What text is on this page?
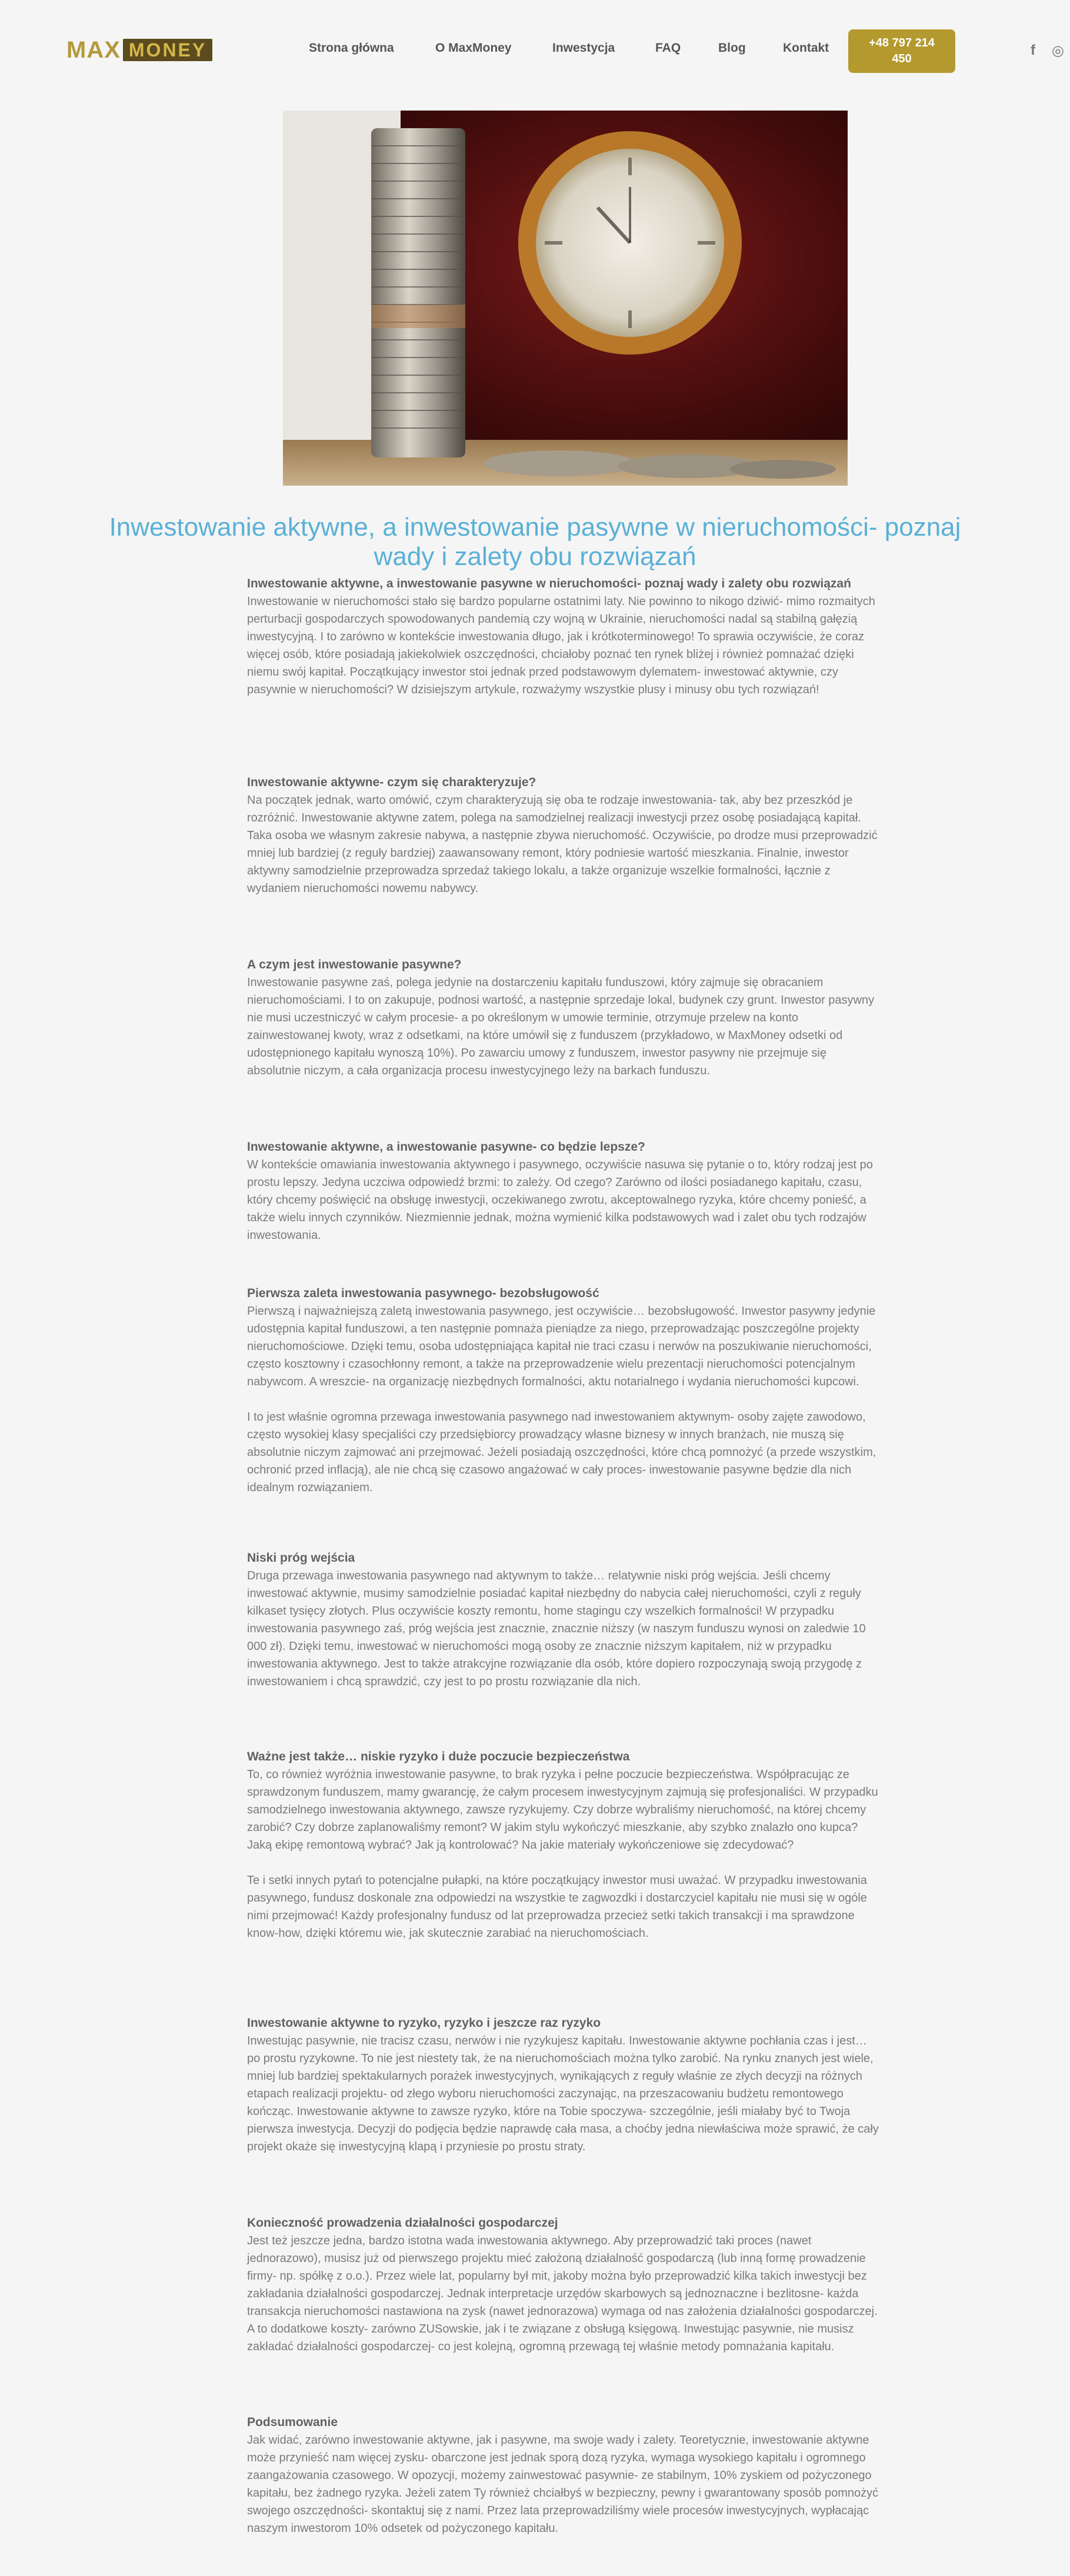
MAX MONEY	Strona główna	O MaxMoney	Inwestycja	FAQ	Blog	Kontakt	+48 797 214 450
f ◎
Inwestowanie aktywne, a inwestowanie pasywne w nieruchomości- poznaj wady i zalety obu rozwiązań
Inwestowanie aktywne, a inwestowanie pasywne w nieruchomości- poznaj wady i zalety obu rozwiązań

Inwestowanie w nieruchomości stało się bardzo popularne ostatnimi laty. Nie powinno to nikogo dziwić- mimo rozmaitych perturbacji gospodarczych spowodowanych pandemią czy wojną w Ukrainie, nieruchomości nadal są stabilną gałęzią inwestycyjną. I to zarówno w kontekście inwestowania długo, jak i krótkoterminowego! To sprawia oczywiście, że coraz więcej osób, które posiadają jakiekolwiek oszczędności, chciałoby poznać ten rynek bliżej i również pomnażać dzięki niemu swój kapitał. Początkujący inwestor stoi jednak przed podstawowym dylematem- inwestować aktywnie, czy pasywnie w nieruchomości? W dzisiejszym artykule, rozważymy wszystkie plusy i minusy obu tych rozwiązań!

Inwestowanie aktywne- czym się charakteryzuje?

Na początek jednak, warto omówić, czym charakteryzują się oba te rodzaje inwestowania- tak, aby bez przeszkód je rozróżnić. Inwestowanie aktywne zatem, polega na samodzielnej realizacji inwestycji przez osobę posiadającą kapitał. Taka osoba we własnym zakresie nabywa, a następnie zbywa nieruchomość. Oczywiście, po drodze musi przeprowadzić mniej lub bardziej (z reguły bardziej) zaawansowany remont, który podniesie wartość mieszkania. Finalnie, inwestor aktywny samodzielnie przeprowadza sprzedaż takiego lokalu, a także organizuje wszelkie formalności, łącznie z wydaniem nieruchomości nowemu nabywcy.

A czym jest inwestowanie pasywne?

Inwestowanie pasywne zaś, polega jedynie na dostarczeniu kapitału funduszowi, który zajmuje się obracaniem nieruchomościami. I to on zakupuje, podnosi wartość, a następnie sprzedaje lokal, budynek czy grunt. Inwestor pasywny nie musi uczestniczyć w całym procesie- a po określonym w umowie terminie, otrzymuje przelew na konto zainwestowanej kwoty, wraz z odsetkami, na które umówił się z funduszem (przykładowo, w MaxMoney odsetki od udostępnionego kapitału wynoszą 10%). Po zawarciu umowy z funduszem, inwestor pasywny nie przejmuje się absolutnie niczym, a cała organizacja procesu inwestycyjnego leży na barkach funduszu.

Inwestowanie aktywne, a inwestowanie pasywne- co będzie lepsze?

W kontekście omawiania inwestowania aktywnego i pasywnego, oczywiście nasuwa się pytanie o to, który rodzaj jest po prostu lepszy. Jedyna uczciwa odpowiedź brzmi: to zależy. Od czego? Zarówno od ilości posiadanego kapitału, czasu, który chcemy poświęcić na obsługę inwestycji, oczekiwanego zwrotu, akceptowalnego ryzyka, które chcemy ponieść, a także wielu innych czynników. Niezmiennie jednak, można wymienić kilka podstawowych wad i zalet obu tych rodzajów inwestowania.

Pierwsza zaleta inwestowania pasywnego- bezobsługowość

Pierwszą i najważniejszą zaletą inwestowania pasywnego, jest oczywiście… bezobsługowość. Inwestor pasywny jedynie udostępnia kapitał funduszowi, a ten następnie pomnaża pieniądze za niego, przeprowadzając poszczególne projekty nieruchomościowe. Dzięki temu, osoba udostępniająca kapitał nie traci czasu i nerwów na poszukiwanie nieruchomości, często kosztowny i czasochłonny remont, a także na przeprowadzenie wielu prezentacji nieruchomości potencjalnym nabywcom. A wreszcie- na organizację niezbędnych formalności, aktu notarialnego i wydania nieruchomości kupcowi.

I to jest właśnie ogromna przewaga inwestowania pasywnego nad inwestowaniem aktywnym- osoby zajęte zawodowo, często wysokiej klasy specjaliści czy przedsiębiorcy prowadzący własne biznesy w innych branżach, nie muszą się absolutnie niczym zajmować ani przejmować. Jeżeli posiadają oszczędności, które chcą pomnożyć (a przede wszystkim, ochronić przed inflacją), ale nie chcą się czasowo angażować w cały proces- inwestowanie pasywne będzie dla nich idealnym rozwiązaniem.

Niski próg wejścia

Druga przewaga inwestowania pasywnego nad aktywnym to także… relatywnie niski próg wejścia. Jeśli chcemy inwestować aktywnie, musimy samodzielnie posiadać kapitał niezbędny do nabycia całej nieruchomości, czyli z reguły kilkaset tysięcy złotych. Plus oczywiście koszty remontu, home stagingu czy wszelkich formalności! W przypadku inwestowania pasywnego zaś, próg wejścia jest znacznie, znacznie niższy (w naszym funduszu wynosi on zaledwie 10 000 zł). Dzięki temu, inwestować w nieruchomości mogą osoby ze znacznie niższym kapitałem, niż w przypadku inwestowania aktywnego. Jest to także atrakcyjne rozwiązanie dla osób, które dopiero rozpoczynają swoją przygodę z inwestowaniem i chcą sprawdzić, czy jest to po prostu rozwiązanie dla nich.

Ważne jest także… niskie ryzyko i duże poczucie bezpieczeństwa

To, co również wyróżnia inwestowanie pasywne, to brak ryzyka i pełne poczucie bezpieczeństwa. Współpracując ze sprawdzonym funduszem, mamy gwarancję, że całym procesem inwestycyjnym zajmują się profesjonaliści. W przypadku samodzielnego inwestowania aktywnego, zawsze ryzykujemy. Czy dobrze wybraliśmy nieruchomość, na której chcemy zarobić? Czy dobrze zaplanowaliśmy remont? W jakim stylu wykończyć mieszkanie, aby szybko znalazło ono kupca? Jaką ekipę remontową wybrać? Jak ją kontrolować? Na jakie materiały wykończeniowe się zdecydować?

Te i setki innych pytań to potencjalne pułapki, na które początkujący inwestor musi uważać. W przypadku inwestowania pasywnego, fundusz doskonale zna odpowiedzi na wszystkie te zagwozdki i dostarczyciel kapitału nie musi się w ogóle nimi przejmować! Każdy profesjonalny fundusz od lat przeprowadza przecież setki takich transakcji i ma sprawdzone know-how, dzięki któremu wie, jak skutecznie zarabiać na nieruchomościach.

Inwestowanie aktywne to ryzyko, ryzyko i jeszcze raz ryzyko

Inwestując pasywnie, nie tracisz czasu, nerwów i nie ryzykujesz kapitału. Inwestowanie aktywne pochłania czas i jest… po prostu ryzykowne. To nie jest niestety tak, że na nieruchomościach można tylko zarobić. Na rynku znanych jest wiele, mniej lub bardziej spektakularnych porażek inwestycyjnych, wynikających z reguły właśnie ze złych decyzji na różnych etapach realizacji projektu- od złego wyboru nieruchomości zaczynając, na przeszacowaniu budżetu remontowego kończąc. Inwestowanie aktywne to zawsze ryzyko, które na Tobie spoczywa- szczególnie, jeśli miałaby być to Twoja pierwsza inwestycja. Decyzji do podjęcia będzie naprawdę cała masa, a choćby jedna niewłaściwa może sprawić, że cały projekt okaże się inwestycyjną klapą i przyniesie po prostu straty.

Konieczność prowadzenia działalności gospodarczej

Jest też jeszcze jedna, bardzo istotna wada inwestowania aktywnego. Aby przeprowadzić taki proces (nawet jednorazowo), musisz już od pierwszego projektu mieć założoną działalność gospodarczą (lub inną formę prowadzenie firmy- np. spółkę z o.o.). Przez wiele lat, popularny był mit, jakoby można było przeprowadzić kilka takich inwestycji bez zakładania działalności gospodarczej. Jednak interpretacje urzędów skarbowych są jednoznaczne i bezlitosne- każda transakcja nieruchomości nastawiona na zysk (nawet jednorazowa) wymaga od nas założenia działalności gospodarczej. A to dodatkowe koszty- zarówno ZUSowskie, jak i te związane z obsługą księgową. Inwestując pasywnie, nie musisz zakładać działalności gospodarczej- co jest kolejną, ogromną przewagą tej właśnie metody pomnażania kapitału.

Podsumowanie

Jak widać, zarówno inwestowanie aktywne, jak i pasywne, ma swoje wady i zalety. Teoretycznie, inwestowanie aktywne może przynieść nam więcej zysku- obarczone jest jednak sporą dozą ryzyka, wymaga wysokiego kapitału i ogromnego zaangażowania czasowego. W opozycji, możemy zainwestować pasywnie- ze stabilnym, 10% zyskiem od pożyczonego kapitału, bez żadnego ryzyka. Jeżeli zatem Ty również chciałbyś w bezpieczny, pewny i gwarantowany sposób pomnożyć swojego oszczędności- skontaktuj się z nami. Przez lata przeprowadziliśmy wiele procesów inwestycyjnych, wypłacając naszym inwestorom 10% odsetek od pożyczonego kapitału.
